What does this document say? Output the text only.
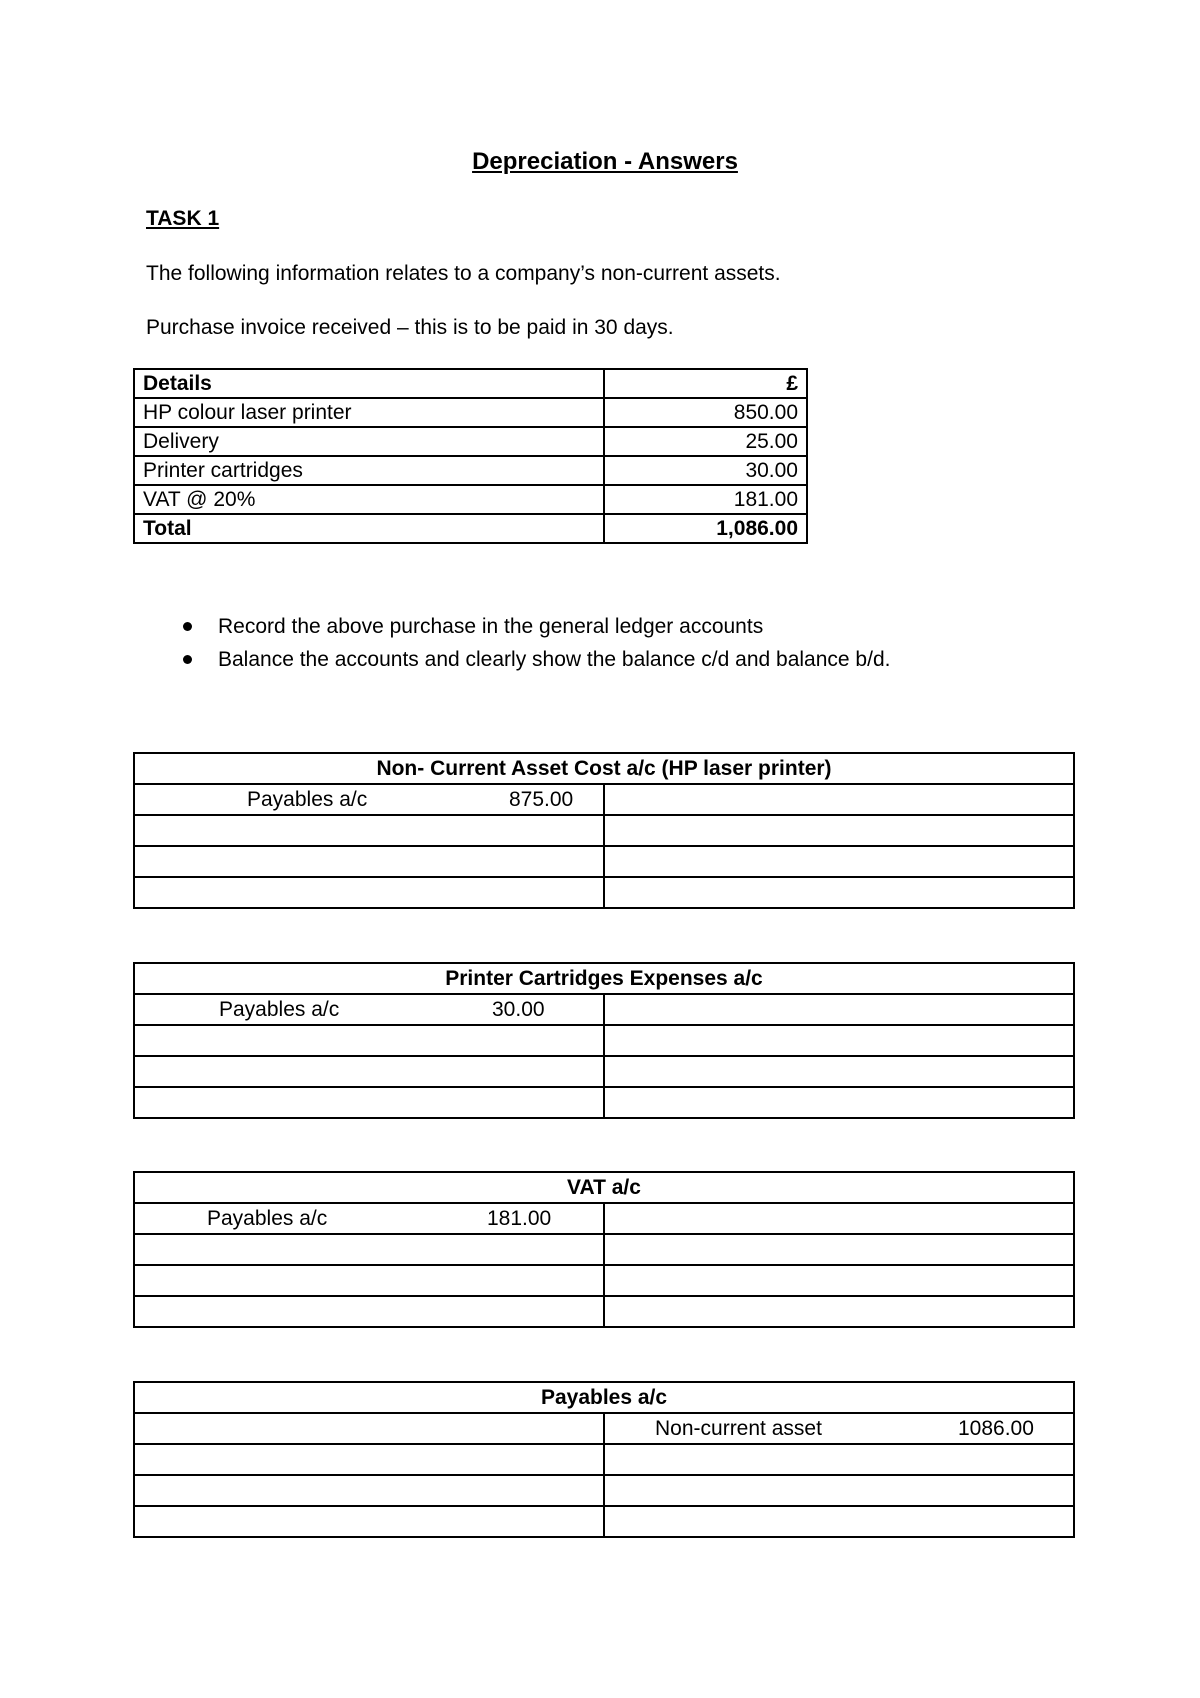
Depreciation - Answers
TASK 1
The following information relates to a company’s non-current assets.
Purchase invoice received – this is to be paid in 30 days.
Details	£
HP colour laser printer	850.00
Delivery	25.00
Printer cartridges	30.00
VAT @ 20%	181.00
Total	1,086.00
Record the above purchase in the general ledger accounts
Balance the accounts and clearly show the balance c/d and balance b/d.
Non- Current Asset Cost a/c (HP laser printer)	

Payables a/c 875.00	

Printer Cartridges Expenses a/c	

Payables a/c 30.00	

VAT a/c	

Payables a/c 181.00	

Payables a/c	

	Non-current asset 1086.00
